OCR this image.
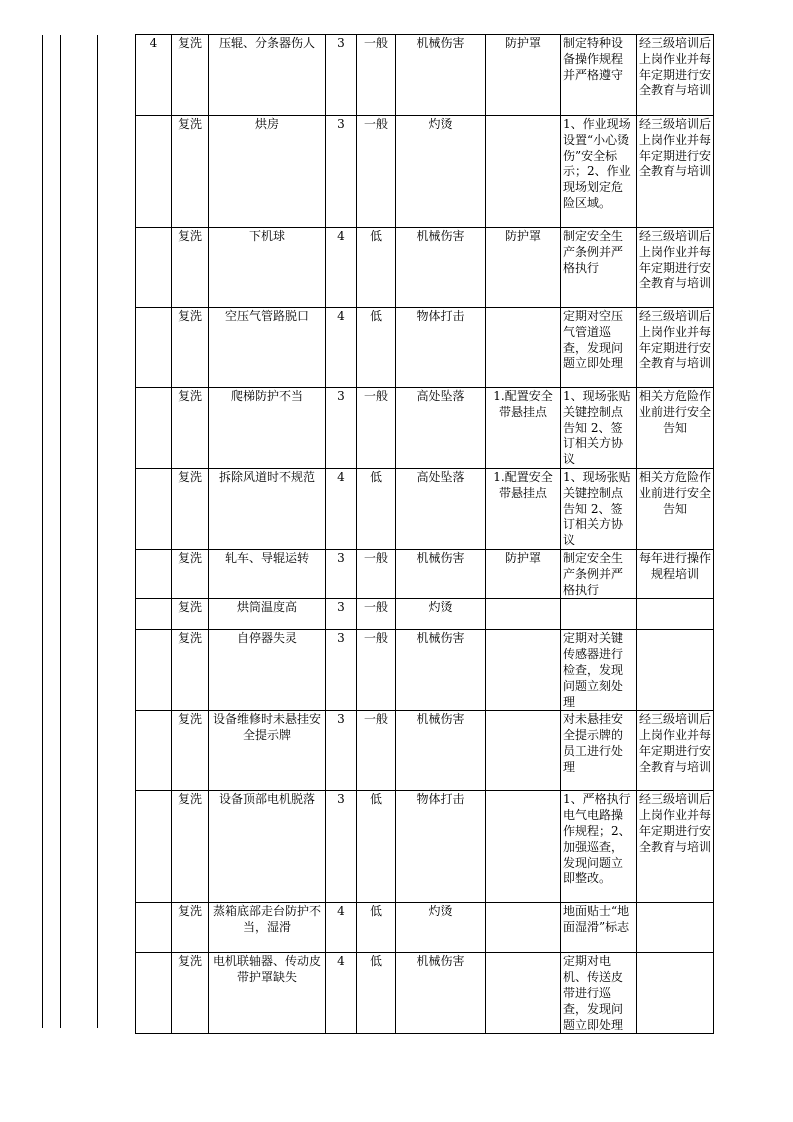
4	复洗	压辊、分条器伤人	3	一般	机械伤害	防护罩	制定特种设备操作规程并严格遵守	经三级培训后上岗作业并每年定期进行安全教育与培训
	复洗	烘房	3	一般	灼烫		1、作业现场设置“小心烫伤”安全标示；2、作业现场划定危险区域。	经三级培训后上岗作业并每年定期进行安全教育与培训
	复洗	下机球	4	低	机械伤害	防护罩	制定安全生产条例并严格执行	经三级培训后上岗作业并每年定期进行安全教育与培训
	复洗	空压气管路脱口	4	低	物体打击		定期对空压气管道巡查，发现问题立即处理	经三级培训后上岗作业并每年定期进行安全教育与培训
	复洗	爬梯防护不当	3	一般	高处坠落	1.配置安全带悬挂点	1、现场张贴关键控制点告知 2、签订相关方协议	相关方危险作业前进行安全告知
	复洗	拆除风道时不规范	4	低	高处坠落	1.配置安全带悬挂点	1、现场张贴关键控制点告知 2、签订相关方协议	相关方危险作业前进行安全告知
	复洗	轧车、导辊运转	3	一般	机械伤害	防护罩	制定安全生产条例并严格执行	每年进行操作规程培训
	复洗	烘筒温度高	3	一般	灼烫			
	复洗	自停器失灵	3	一般	机械伤害		定期对关键传感器进行检查，发现问题立刻处理	
	复洗	设备维修时未悬挂安全提示牌	3	一般	机械伤害		对未悬挂安全提示牌的员工进行处理	经三级培训后上岗作业并每年定期进行安全教育与培训
	复洗	设备顶部电机脱落	3	低	物体打击		1、严格执行电气电路操作规程；2、加强巡查，发现问题立即整改。	经三级培训后上岗作业并每年定期进行安全教育与培训
	复洗	蒸箱底部走台防护不当，湿滑	4	低	灼烫		地面贴士“地面湿滑”标志	
	复洗	电机联轴器、传动皮带护罩缺失	4	低	机械伤害		定期对电机、传送皮带进行巡查，发现问题立即处理	
